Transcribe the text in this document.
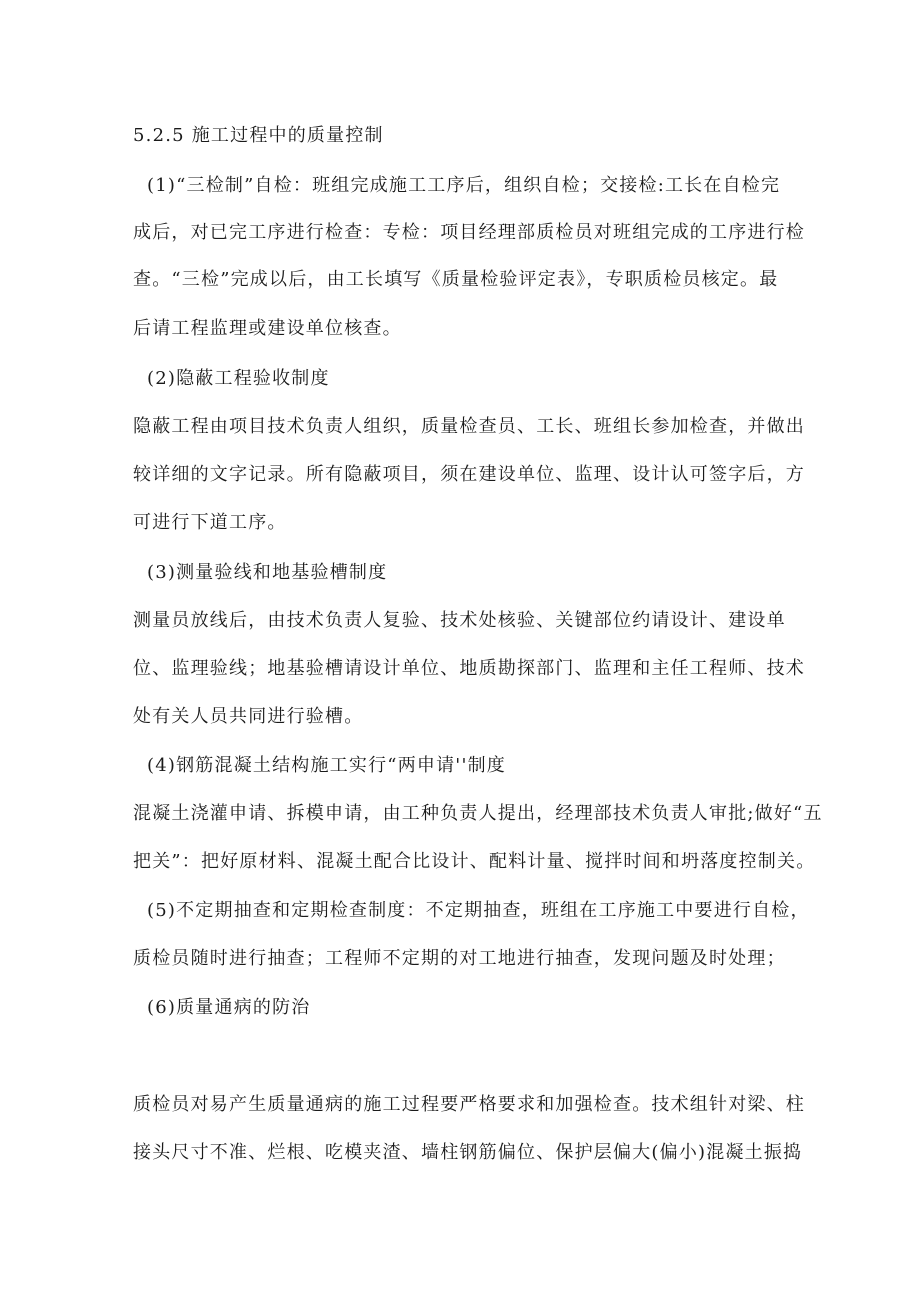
5.2.5 施工过程中的质量控制
(1)“三检制”自检：班组完成施工工序后，组织自检；交接检:工长在自检完
成后，对已完工序进行检查：专检：项目经理部质检员对班组完成的工序进行检
查。“三检”完成以后，由工长填写《质量检验评定表》，专职质检员核定。最
后请工程监理或建设单位核查。
(2)隐蔽工程验收制度
隐蔽工程由项目技术负责人组织，质量检查员、工长、班组长参加检查，并做出
较详细的文字记录。所有隐蔽项目，须在建设单位、监理、设计认可签字后，方
可进行下道工序。
(3)测量验线和地基验槽制度
测量员放线后，由技术负责人复验、技术处核验、关键部位约请设计、建设单
位、监理验线；地基验槽请设计单位、地质勘探部门、监理和主任工程师、技术
处有关人员共同进行验槽。
(4)钢筋混凝土结构施工实行“两申请''制度
混凝土浇灌申请、拆模申请，由工种负责人提出，经理部技术负责人审批;做好“五
把关”：把好原材料、混凝土配合比设计、配料计量、搅拌时间和坍落度控制关。
(5)不定期抽查和定期检查制度：不定期抽查，班组在工序施工中要进行自检，
质检员随时进行抽查；工程师不定期的对工地进行抽查，发现问题及时处理；
(6)质量通病的防治
质检员对易产生质量通病的施工过程要严格要求和加强检查。技术组针对梁、柱
接头尺寸不准、烂根、吃模夹渣、墙柱钢筋偏位、保护层偏大(偏小)混凝土振捣
